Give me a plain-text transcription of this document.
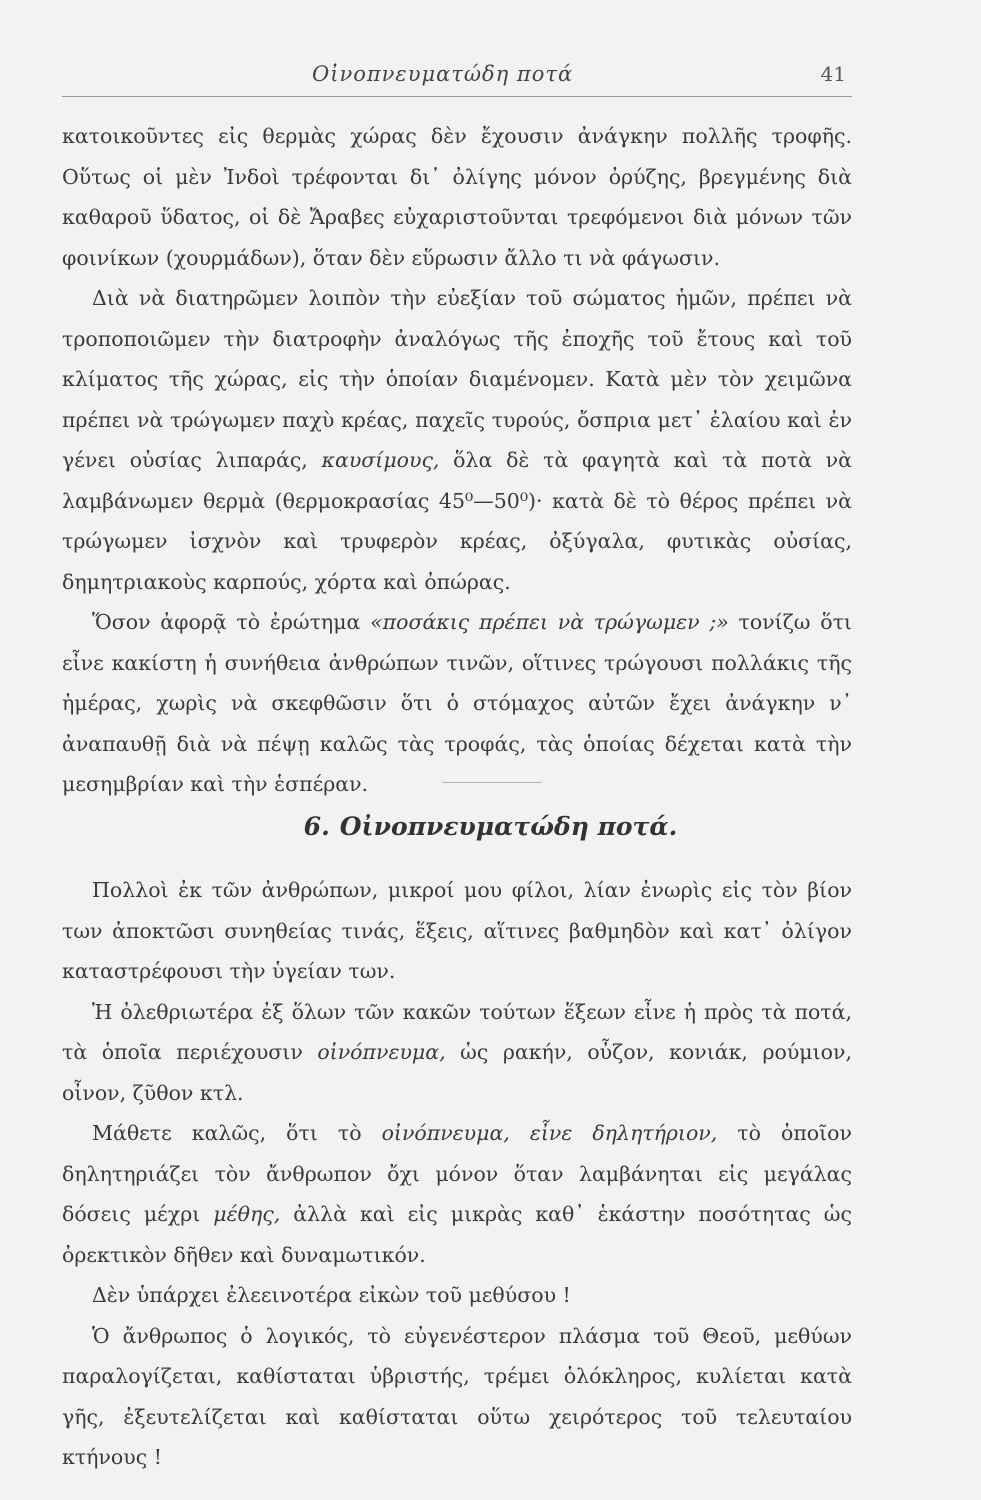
Οἰνοπνευματώδη ποτά	41

κατοικοῦντες εἰς θερμὰς χώρας δὲν ἔχουσιν ἀνάγκην πολλῆς τροφῆς. Οὕτως οἱ μὲν Ἰνδοὶ τρέφονται δι᾿ ὀλίγης μόνον ὀρύζης, βρεγμένης διὰ καθαροῦ ὕδατος, οἱ δὲ Ἄραβες εὐχαριστοῦνται τρεφόμενοι διὰ μόνων τῶν φοινίκων (χουρμάδων), ὅταν δὲν εὕρωσιν ἄλλο τι νὰ φάγωσιν.

Διὰ νὰ διατηρῶμεν λοιπὸν τὴν εὐεξίαν τοῦ σώματος ἡμῶν, πρέπει νὰ τροποποιῶμεν τὴν διατροφὴν ἀναλόγως τῆς ἐποχῆς τοῦ ἔτους καὶ τοῦ κλίματος τῆς χώρας, εἰς τὴν ὁποίαν διαμένομεν. Κατὰ μὲν τὸν χειμῶνα πρέπει νὰ τρώγωμεν παχὺ κρέας, παχεῖς τυρούς, ὄσπρια μετ᾿ ἐλαίου καὶ ἐν γένει οὐσίας λιπαράς, καυσίμους, ὅλα δὲ τὰ φαγητὰ καὶ τὰ ποτὰ νὰ λαμβάνωμεν θερμὰ (θερμοκρασίας 45⁰—50⁰)· κατὰ δὲ τὸ θέρος πρέπει νὰ τρώγωμεν ἰσχνὸν καὶ τρυφερὸν κρέας, ὀξύγαλα, φυτικὰς οὐσίας, δημητριακοὺς καρπούς, χόρτα καὶ ὀπώρας.

Ὅσον ἀφορᾷ τὸ ἐρώτημα «ποσάκις πρέπει νὰ τρώγωμεν ;» τονίζω ὅτι εἶνε κακίστη ἡ συνήθεια ἀνθρώπων τινῶν, οἵτινες τρώγουσι πολλάκις τῆς ἡμέρας, χωρὶς νὰ σκεφθῶσιν ὅτι ὁ στόμαχος αὐτῶν ἔχει ἀνάγκην ν᾿ ἀναπαυθῇ διὰ νὰ πέψῃ καλῶς τὰς τροφάς, τὰς ὁποίας δέχεται κατὰ τὴν μεσημβρίαν καὶ τὴν ἑσπέραν.

6. Οἰνοπνευματώδη ποτά.

Πολλοὶ ἐκ τῶν ἀνθρώπων, μικροί μου φίλοι, λίαν ἐνωρὶς εἰς τὸν βίον των ἀποκτῶσι συνηθείας τινάς, ἕξεις, αἵτινες βαθμηδὸν καὶ κατ᾿ ὀλίγον καταστρέφουσι τὴν ὑγείαν των.

Ἡ ὀλεθριωτέρα ἐξ ὅλων τῶν κακῶν τούτων ἕξεων εἶνε ἡ πρὸς τὰ ποτά, τὰ ὁποῖα περιέχουσιν οἰνόπνευμα, ὡς ρακήν, οὖζον, κονιάκ, ρούμιον, οἶνον, ζῦθον κτλ.

Μάθετε καλῶς, ὅτι τὸ οἰνόπνευμα, εἶνε δηλητήριον, τὸ ὁποῖον δηλητηριάζει τὸν ἄνθρωπον ὄχι μόνον ὅταν λαμβάνηται εἰς μεγάλας δόσεις μέχρι μέθης, ἀλλὰ καὶ εἰς μικρὰς καθ᾿ ἑκάστην ποσότητας ὡς ὀρεκτικὸν δῆθεν καὶ δυναμωτικόν.

Δὲν ὑπάρχει ἐλεεινοτέρα εἰκὼν τοῦ μεθύσου !

Ὁ ἄνθρωπος ὁ λογικός, τὸ εὐγενέστερον πλάσμα τοῦ Θεοῦ, μεθύων παραλογίζεται, καθίσταται ὑβριστής, τρέμει ὁλόκληρος, κυλίεται κατὰ γῆς, ἐξευτελίζεται καὶ καθίσταται οὕτω χειρότερος τοῦ τελευταίου κτήνους !
